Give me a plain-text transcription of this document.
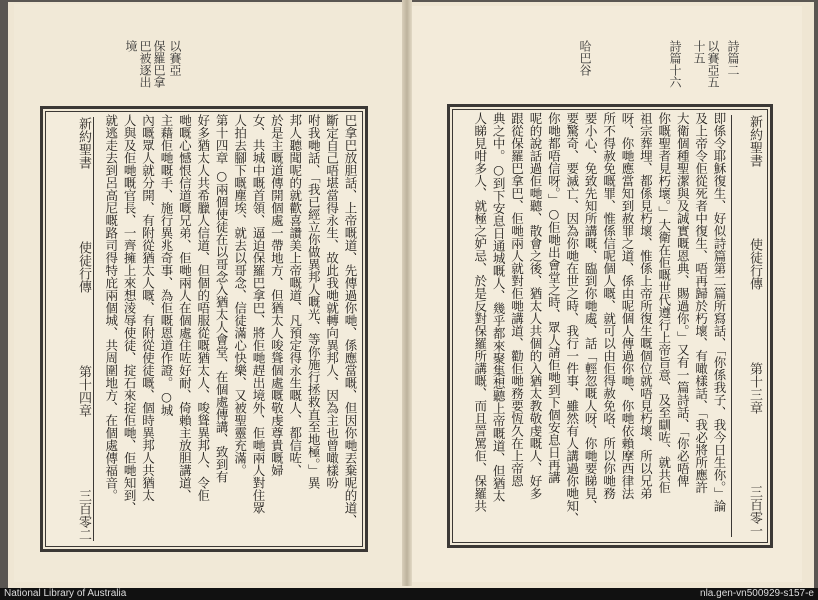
以賽亞
保羅巴拿巴被逐出境	詩篇二
以賽亞五十五
詩篇十六
哈巴谷
新約聖書
使徒行傳
第十四章
三百零二	巴拿巴放胆話、上帝嘅道、先傳過你哋、係應當嘅、但因你哋丟棄呢的道、
斷定自己唔堪當得永生、故此我哋就轉向異邦人、因為主也曾噉樣吩
咐我哋話、「我已經立你做異邦人嘅光、等你施行拯救直至地極。」異
邦人聽聞呢的就歡喜讚美上帝嘅道、凡預定得永生嘅人、都信咗、
於是主嘅道傳開個處一帶地方、但猶太人唆聳個處嘅敬虔尊貴嘅婦
女、共城中嘅首領、逼迫保羅巴拿巴、將佢哋趕出境外、佢哋兩人對住眾
人拍去腳下嘅塵埃、就去以哥念、信徒滿心快樂、又被聖靈充滿。
第十四章 ○兩個使徒在以哥念入猶太人會堂、在個處傳講、致到有
好多猶太人共希臘人信道、但個的唔服從嘅猶太人、唆聳異邦人、令佢
哋嘅心憾恨信道嘅兄弟、佢哋兩人在個處住咗好耐、倚賴主放胆講道、
主藉佢哋嘅手、施行異兆奇事、為佢嘅恩道作證。○城
內嘅眾人就分開、有附從猶太人嘅、有附從使徒嘅、個時異邦人共猶太
人與及佢哋嘅官長、一齊擁上來想淩辱使徒、掟石來掟佢哋、佢哋知到、
就逃走去到呂高尼嘅路司得特庇兩個城、共周圍地方、在個處傳福音。	新約聖書
使徒行傳
第十三章
三百零一
即係令耶穌復生、好似詩篇第二篇所寫話、「你係我子、我今日生你。」論
及上帝令佢從死者中復生、唔再歸於朽壞、有噉樣話、「我必將所應許
大衛個種聖潔與及誠實嘅恩典、賜過你。」又有一篇詩話、「你必唔俾
你嘅聖者見朽壞。」大衛在佢嘅世代遵行上帝旨意、及至瞓咗、就共佢
祖宗葬埋、都係見朽壞、惟係上帝所復生嘅個位就唔見朽壞、所以兄弟
呀、你哋應當知到赦罪之道、係由呢個人傳過你哋、你哋依賴摩西律法
所不得赦免嘅罪、惟係信呢個人嘅、就可以由佢得赦免咯、所以你哋務
要小心、免致先知所講嘅、臨到你哋處、話「輕忽嘅人呀、你哋要睇見、
要驚奇、要滅亡、因為你哋在世之時、我行一件事、雖然有人講過你哋知、
你哋都唔信呀。」○佢哋出會堂之時、眾人請佢哋到下個安息日再講
呢的說話過佢哋聽、散會之後、猶太人共個的入猶太教敬虔嘅人、好多
跟從保羅巴拿巴、佢哋兩人就對佢哋講道、勸佢哋務要恆久在上帝恩
典之中。○到下安息日通城嘅人、幾乎都來聚集想聽上帝嘅道、但猶太
人睇見咁多人、就極之妒忌、於是反對保羅所講嘅、而且詈罵佢、保羅共
National Library of Australia	nla.gen-vn500929-s157-e
